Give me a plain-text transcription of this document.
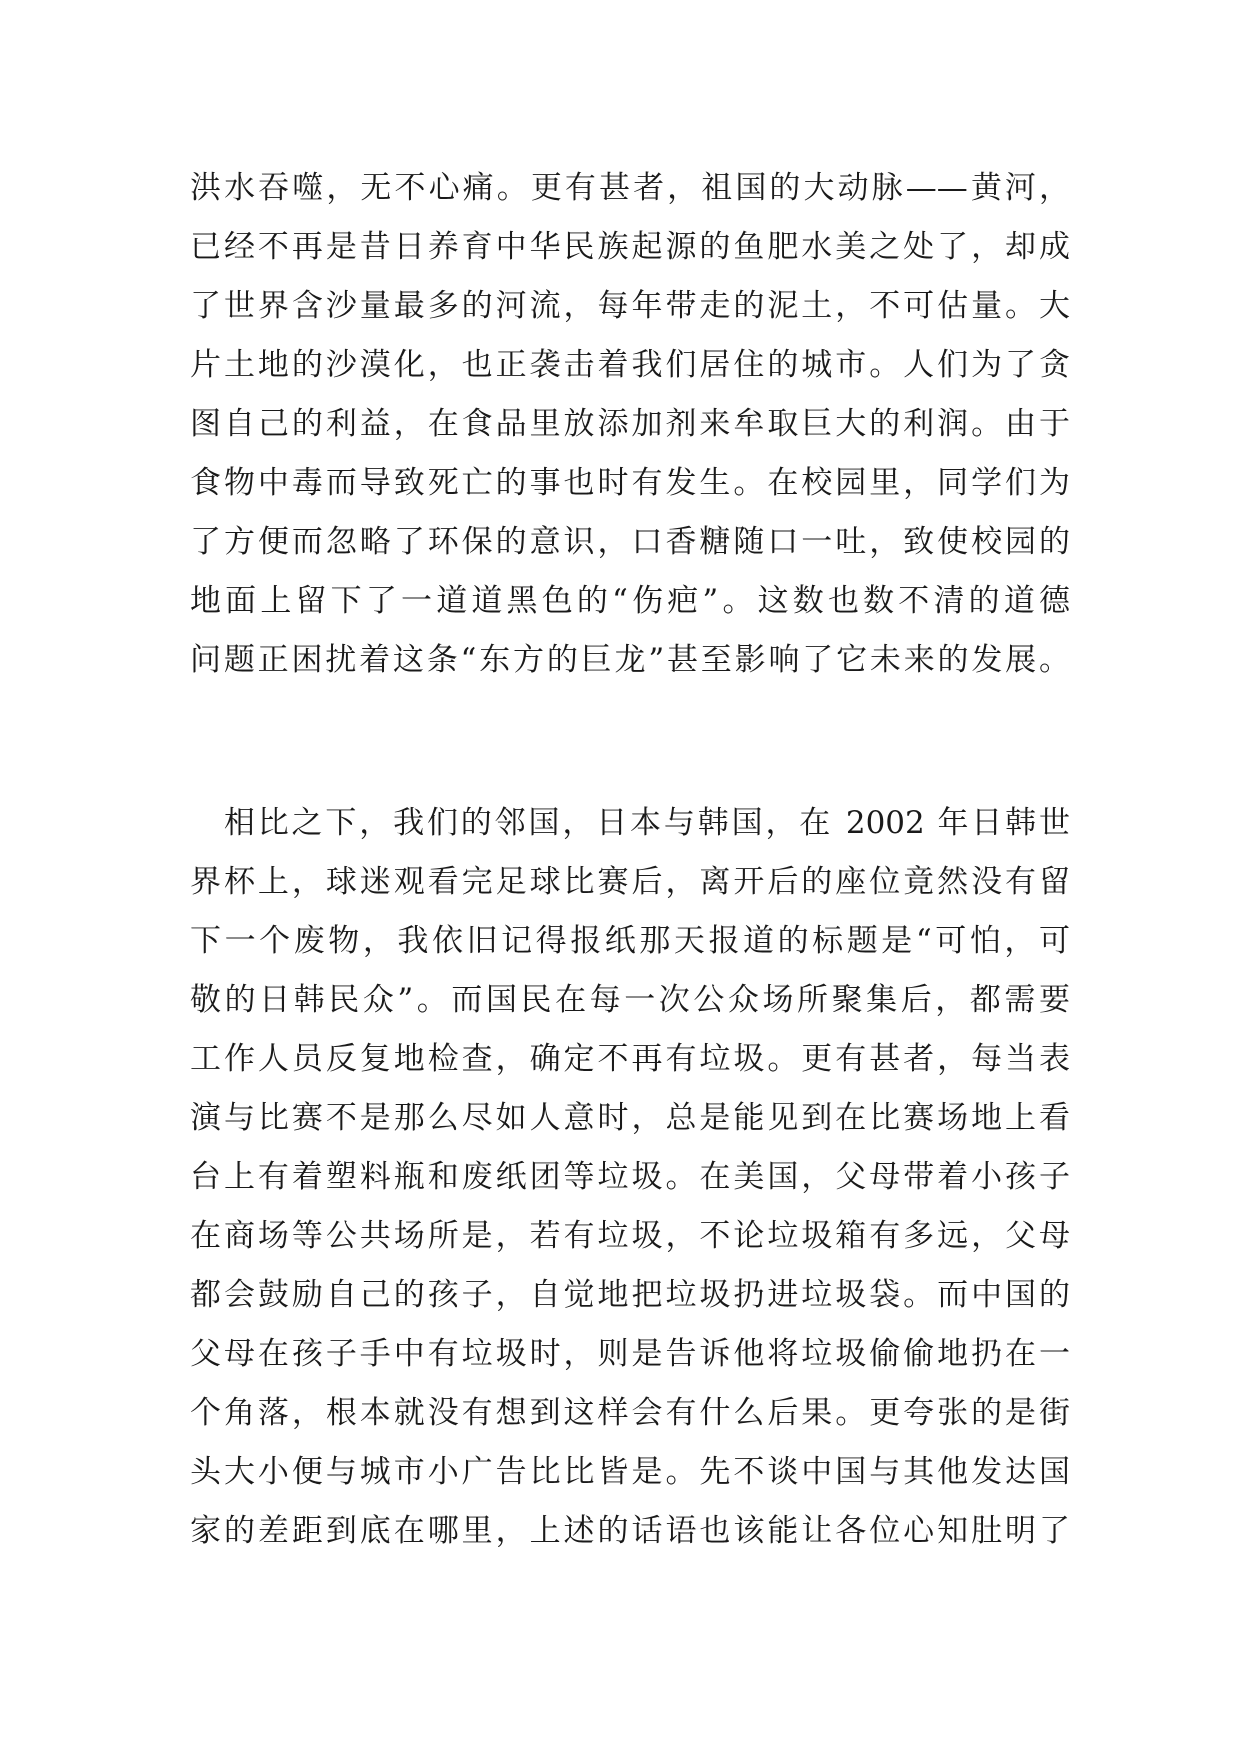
洪水吞噬，无不心痛。更有甚者，祖国的大动脉——黄河，
已经不再是昔日养育中华民族起源的鱼肥水美之处了，却成
了世界含沙量最多的河流，每年带走的泥土，不可估量。大
片土地的沙漠化，也正袭击着我们居住的城市。人们为了贪
图自己的利益，在食品里放添加剂来牟取巨大的利润。由于
食物中毒而导致死亡的事也时有发生。在校园里，同学们为
了方便而忽略了环保的意识，口香糖随口一吐，致使校园的
地面上留下了一道道黑色的“伤疤”。这数也数不清的道德
问题正困扰着这条“东方的巨龙”甚至影响了它未来的发展。
　相比之下，我们的邻国，日本与韩国，在 2002 年日韩世
界杯上，球迷观看完足球比赛后，离开后的座位竟然没有留
下一个废物，我依旧记得报纸那天报道的标题是“可怕，可
敬的日韩民众”。而国民在每一次公众场所聚集后，都需要
工作人员反复地检查，确定不再有垃圾。更有甚者，每当表
演与比赛不是那么尽如人意时，总是能见到在比赛场地上看
台上有着塑料瓶和废纸团等垃圾。在美国，父母带着小孩子
在商场等公共场所是，若有垃圾，不论垃圾箱有多远，父母
都会鼓励自己的孩子，自觉地把垃圾扔进垃圾袋。而中国的
父母在孩子手中有垃圾时，则是告诉他将垃圾偷偷地扔在一
个角落，根本就没有想到这样会有什么后果。更夸张的是街
头大小便与城市小广告比比皆是。先不谈中国与其他发达国
家的差距到底在哪里，上述的话语也该能让各位心知肚明了
